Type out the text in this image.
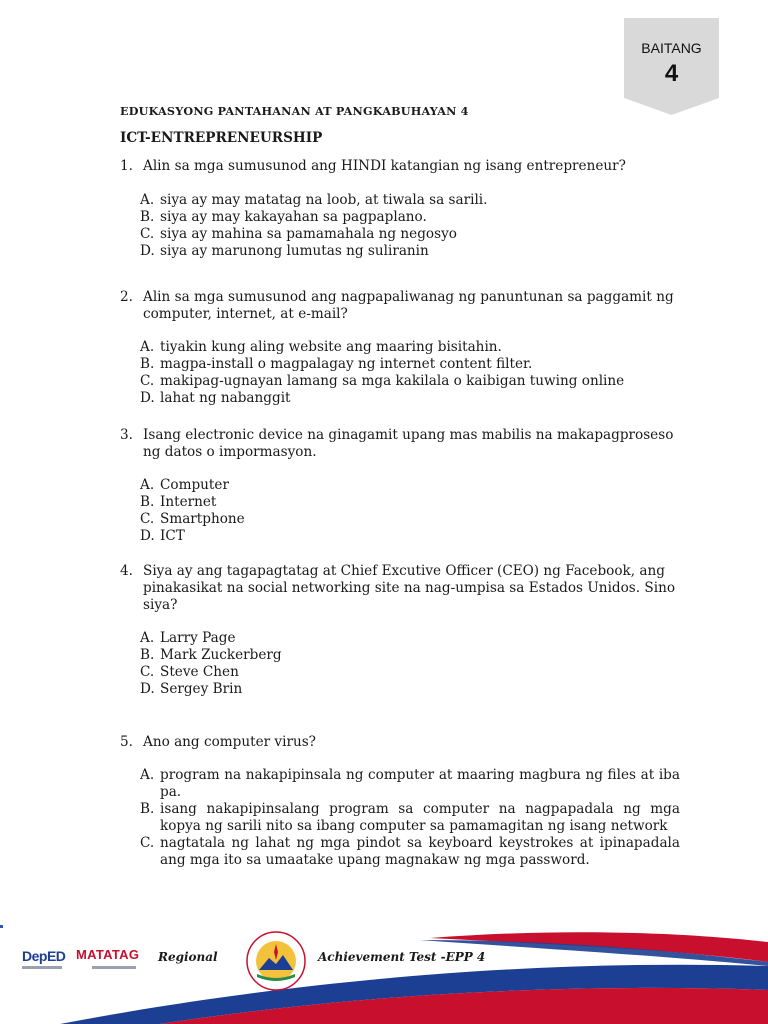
BAITANG
4
EDUKASYONG PANTAHANAN AT PANGKABUHAYAN 4
ICT-ENTREPRENEURSHIP
1. Alin sa mga sumusunod ang HINDI katangian ng isang entrepreneur?
A. siya ay may matatag na loob, at tiwala sa sarili.
B. siya ay may kakayahan sa pagpaplano.
C. siya ay mahina sa pamamahala ng negosyo
D. siya ay marunong lumutas ng suliranin
2. Alin sa mga sumusunod ang nagpapaliwanag ng panuntunan sa paggamit ng computer, internet, at e-mail?
A. tiyakin kung aling website ang maaring bisitahin.
B. magpa-install o magpalagay ng internet content filter.
C. makipag-ugnayan lamang sa mga kakilala o kaibigan tuwing online
D. lahat ng nabanggit
3. Isang electronic device na ginagamit upang mas mabilis na makapagproseso ng datos o impormasyon.
A. Computer
B. Internet
C. Smartphone
D. ICT
4. Siya ay ang tagapagtatag at Chief Excutive Officer (CEO) ng Facebook, ang pinakasikat na social networking site na nag-umpisa sa Estados Unidos. Sino siya?
A. Larry Page
B. Mark Zuckerberg
C. Steve Chen
D. Sergey Brin
5. Ano ang computer virus?
A. program na nakapipinsala ng computer at maaring magbura ng files at iba pa.
B. isang nakapipinsalang program sa computer na nagpapadala ng mga kopya ng sarili nito sa ibang computer sa pamamagitan ng isang network
C. nagtatala ng lahat ng mga pindot sa keyboard keystrokes at ipinapadala ang mga ito sa umaatake upang magnakaw ng mga password.
DepED MATATAG Regional	Achievement Test -EPP 4
